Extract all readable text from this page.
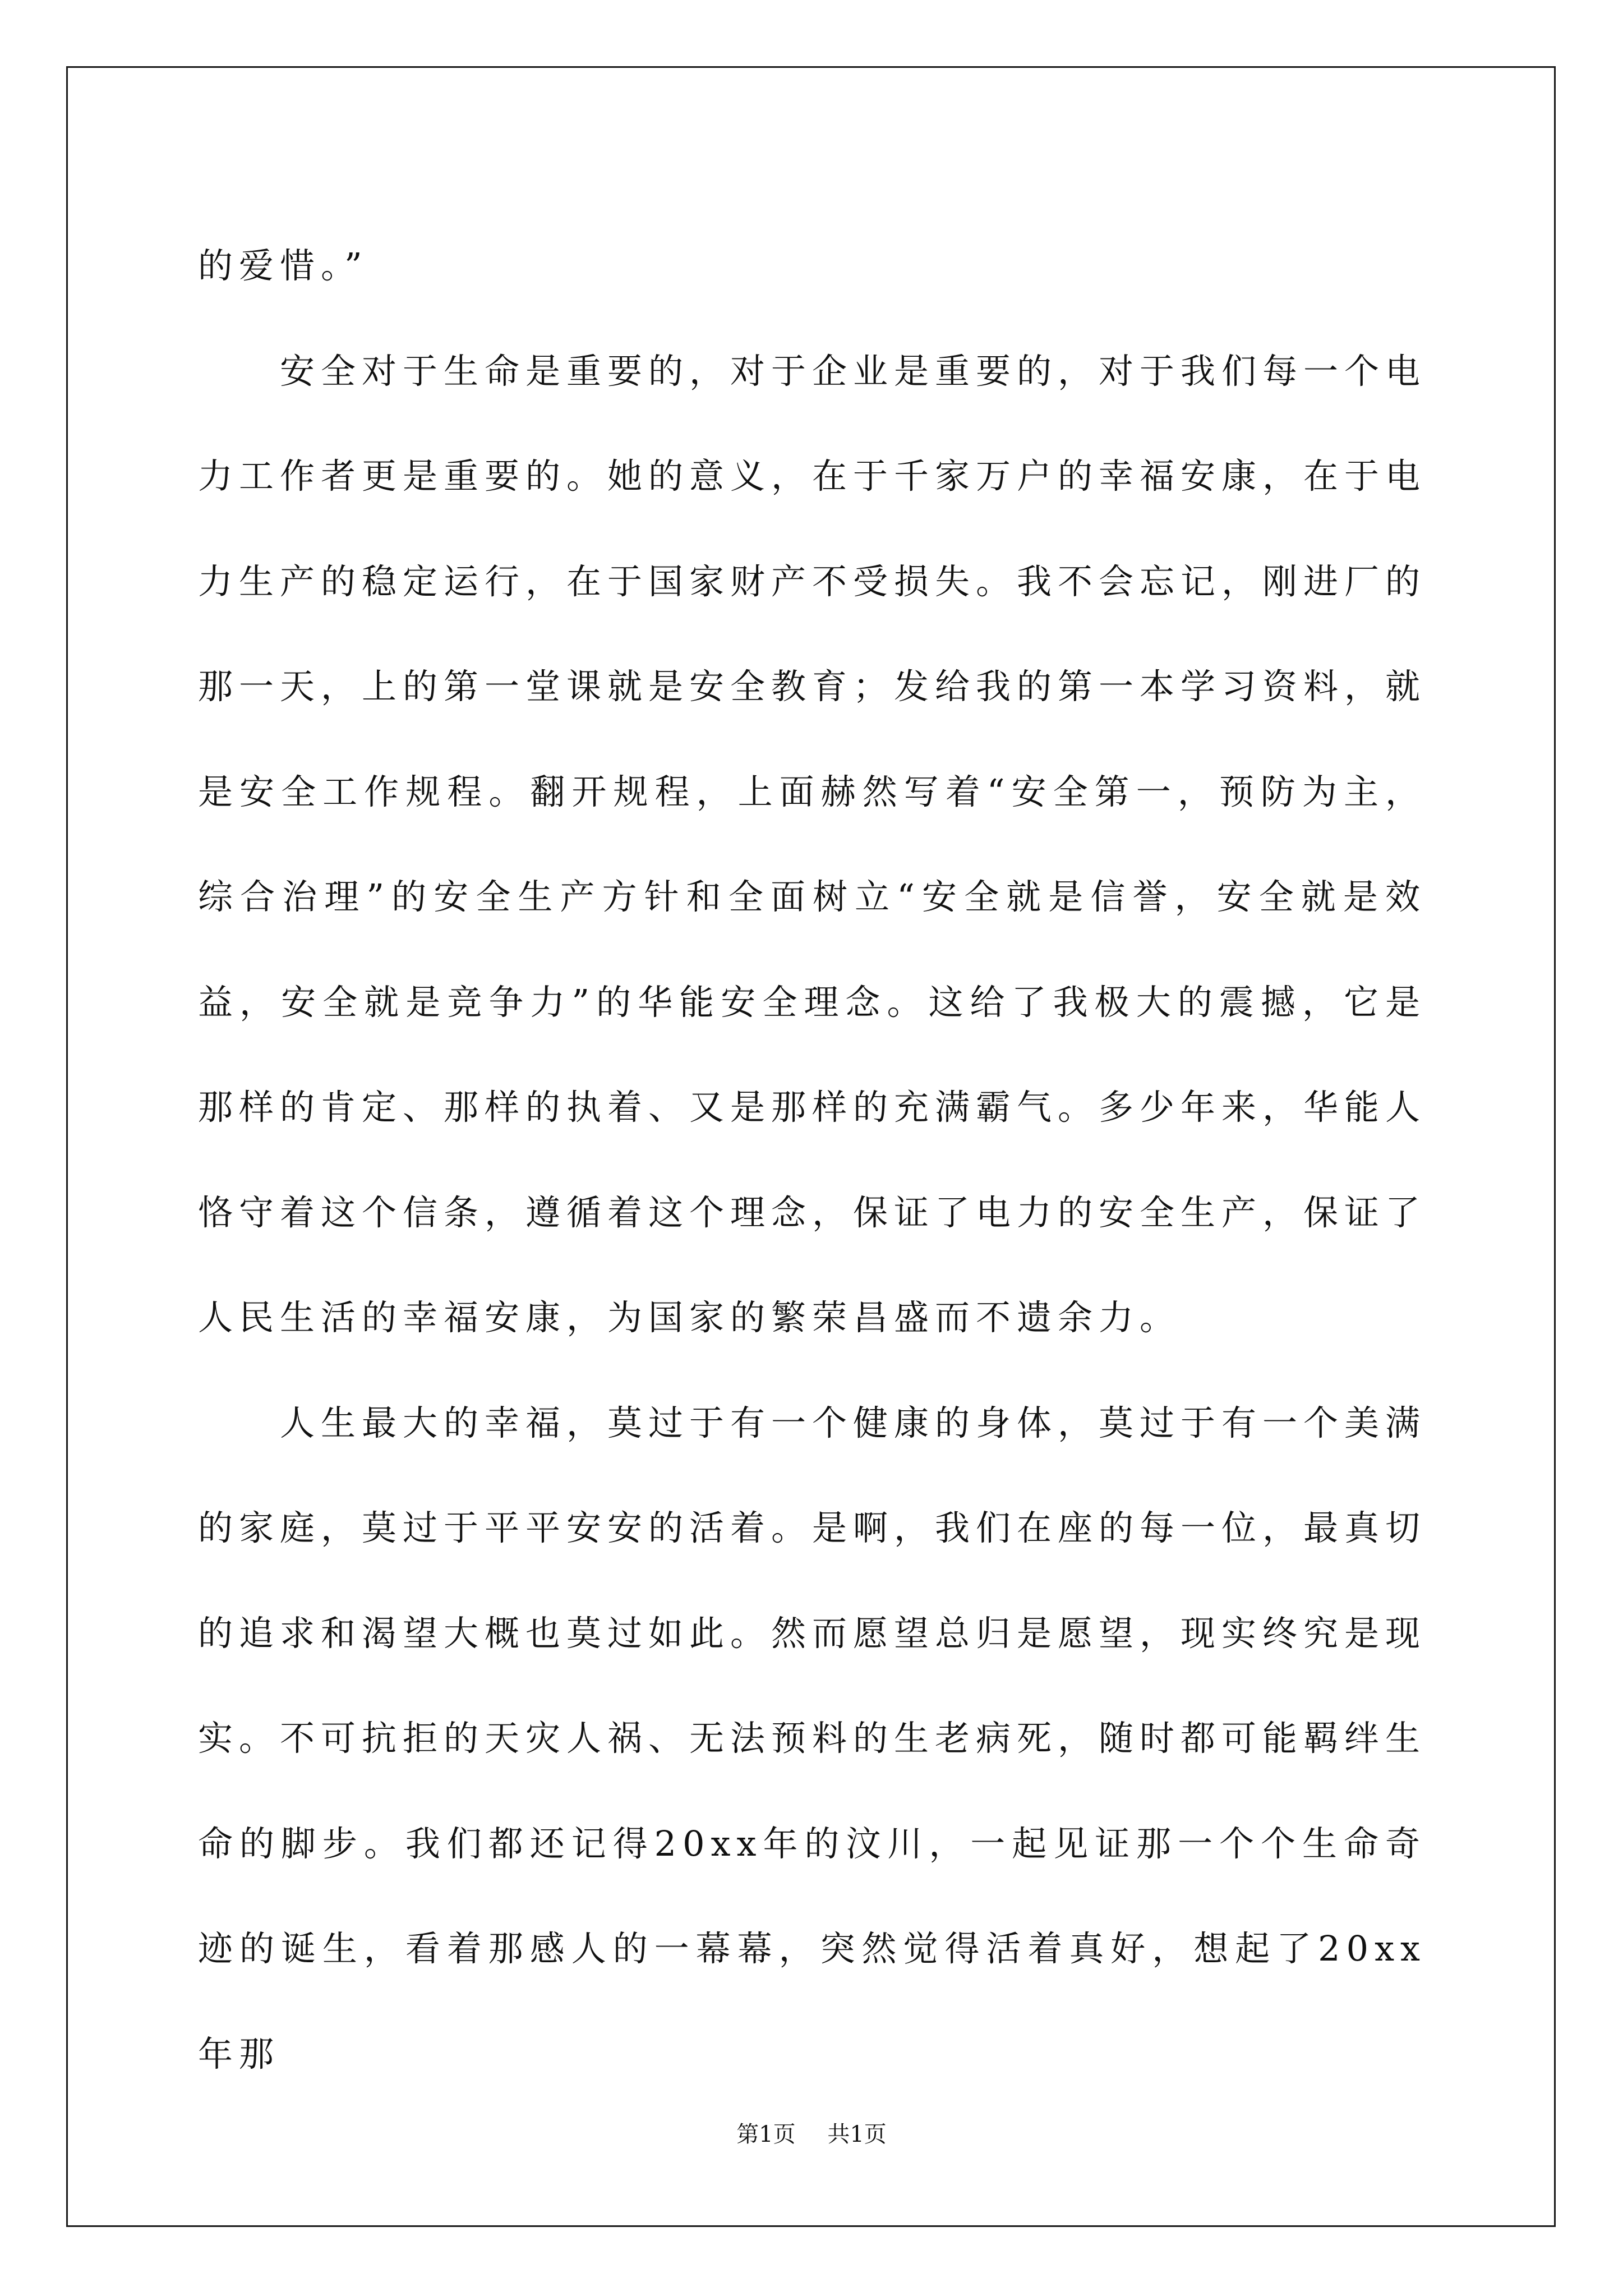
的爱惜。”

安全对于生命是重要的，对于企业是重要的，对于我们每一个电力工作者更是重要的。她的意义，在于千家万户的幸福安康，在于电力生产的稳定运行，在于国家财产不受损失。我不会忘记，刚进厂的那一天，上的第一堂课就是安全教育；发给我的第一本学习资料，就是安全工作规程。翻开规程，上面赫然写着“安全第一，预防为主，综合治理”的安全生产方针和全面树立“安全就是信誉，安全就是效益，安全就是竞争力”的华能安全理念。这给了我极大的震撼，它是那样的肯定、那样的执着、又是那样的充满霸气。多少年来，华能人恪守着这个信条，遵循着这个理念，保证了电力的安全生产，保证了人民生活的幸福安康，为国家的繁荣昌盛而不遗余力。

人生最大的幸福，莫过于有一个健康的身体，莫过于有一个美满的家庭，莫过于平平安安的活着。是啊，我们在座的每一位，最真切的追求和渴望大概也莫过如此。然而愿望总归是愿望，现实终究是现实。不可抗拒的天灾人祸、无法预料的生老病死，随时都可能羁绊生命的脚步。我们都还记得20xx年的汶川，一起见证那一个个生命奇迹的诞生，看着那感人的一幕幕，突然觉得活着真好，想起了20xx年那

第1页 共1页
